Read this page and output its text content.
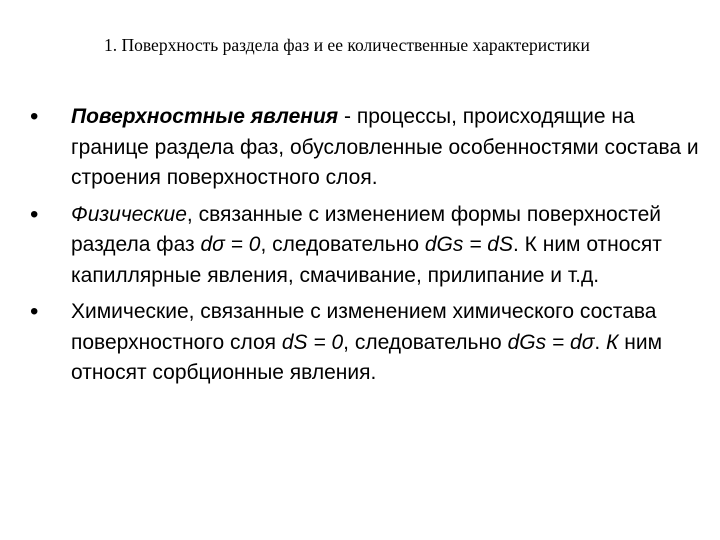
1. Поверхность раздела фаз и ее количественные характеристики
• Поверхностные явления - процессы, происходящие на границе раздела фаз, обусловленные особенностями состава и строения поверхностного слоя.
• Физические, связанные с изменением формы поверхностей раздела фаз dσ = 0, следовательно dGs = dS. К ним относят капиллярные явления, смачивание, прилипание и т.д.
• Химические, связанные с изменением химического состава поверхностного слоя dS = 0, следовательно dGs = dσ. К ним относят сорбционные явления.
